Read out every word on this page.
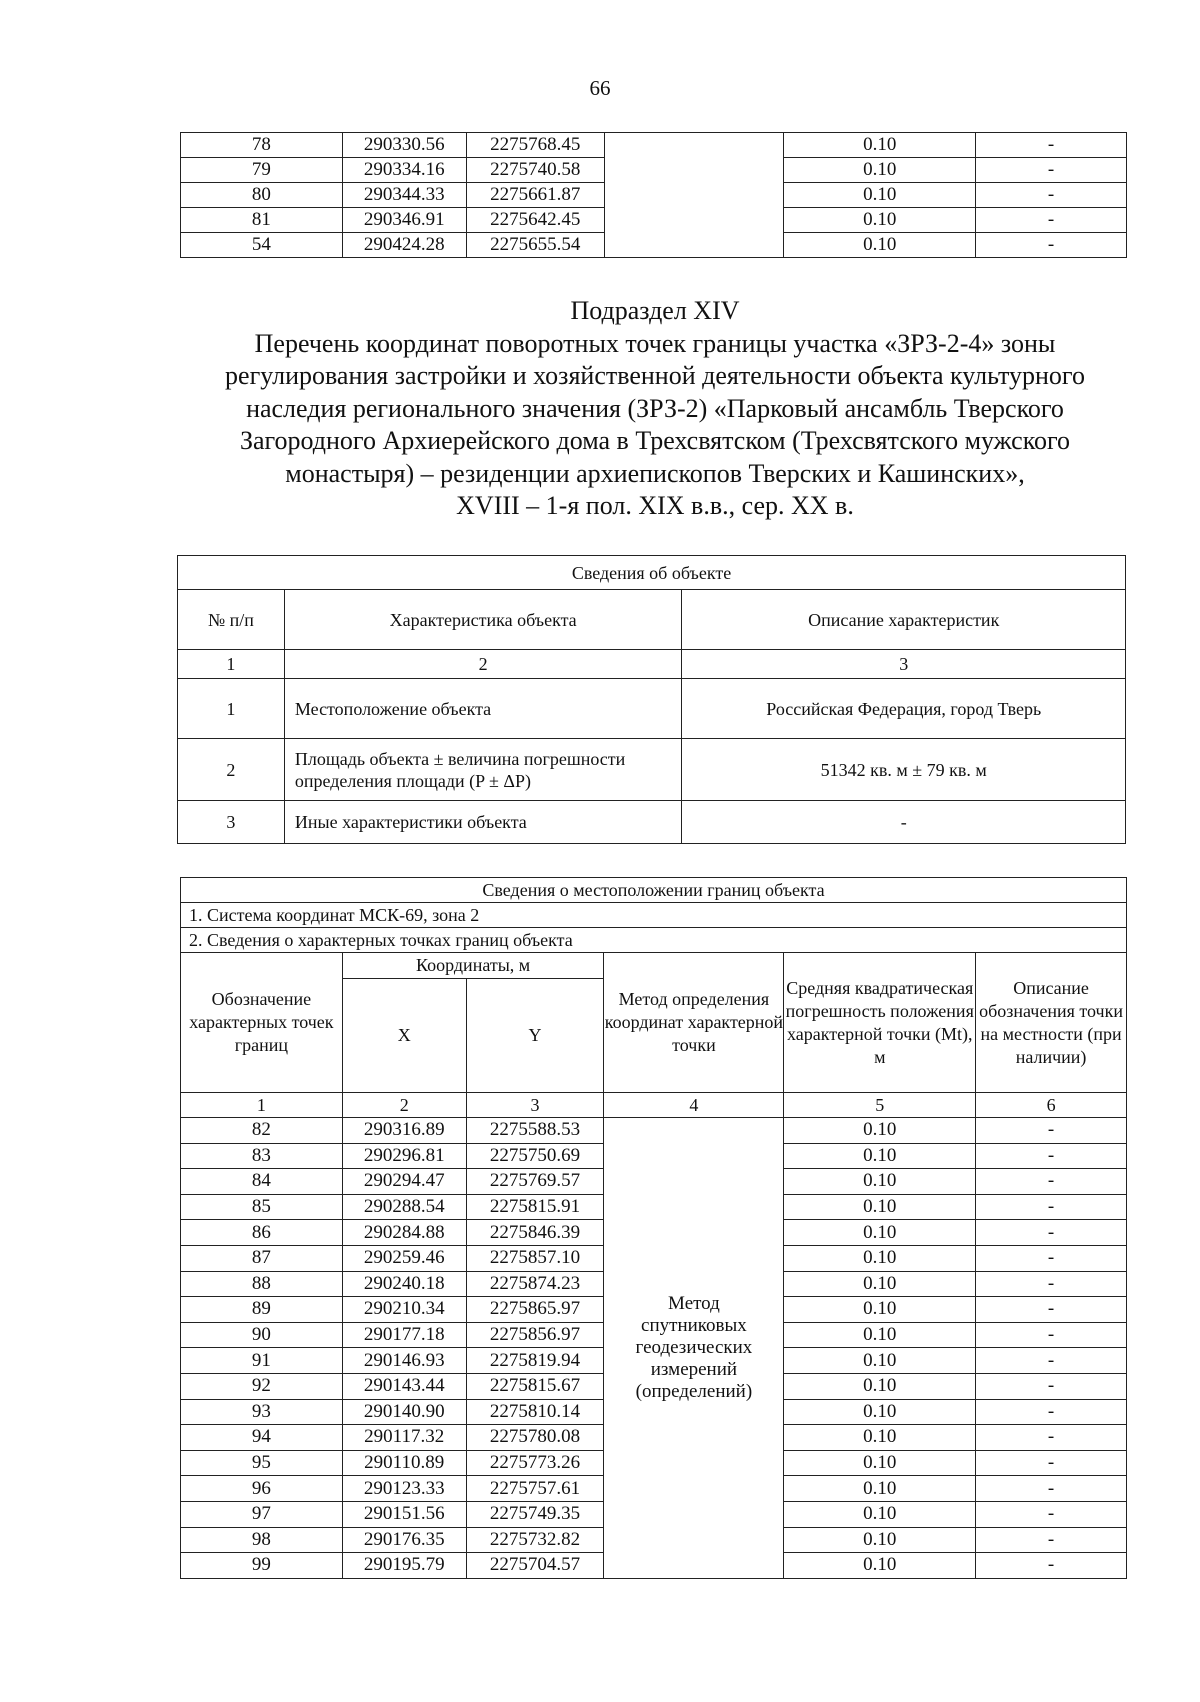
66
78	290330.56	2275768.45		0.10	-
79	290334.16	2275740.58		0.10	-
80	290344.33	2275661.87		0.10	-
81	290346.91	2275642.45		0.10	-
54	290424.28	2275655.54		0.10	-
Подраздел XIV
Перечень координат поворотных точек границы участка «ЗРЗ-2-4» зоны
регулирования застройки и хозяйственной деятельности объекта культурного
наследия регионального значения (ЗРЗ-2) «Парковый ансамбль Тверского
Загородного Архиерейского дома в Трехсвятском (Трехсвятского мужского
монастыря) – резиденции архиепископов Тверских и Кашинских»,
XVIII – 1-я пол. XIX в.в., сер. XX в.
Сведения об объекте		
№ п/п	Характеристика объекта	Описание характеристик
1	2	3
1	Местоположение объекта	Российская Федерация, город Тверь
2	Площадь объекта ± величина погрешности определения площади (P ± ΔP)	51342 кв. м ± 79 кв. м
3	Иные характеристики объекта	-
Сведения о местоположении границ объекта					
1. Система координат МСК-69, зона 2					
2. Сведения о характерных точках границ объекта					
Обозначение характерных точек границ	Координаты, м		Метод определения координат характерной точки	Средняя квадратическая погрешность положения характерной точки (Mt), м	Описание обозначения точки на местности (при наличии)
	X	Y			
1	2	3	4	5	6
82	290316.89	2275588.53	Метод спутниковых геодезических измерений (определений)	0.10	-
83	290296.81	2275750.69		0.10	-
84	290294.47	2275769.57		0.10	-
85	290288.54	2275815.91		0.10	-
86	290284.88	2275846.39		0.10	-
87	290259.46	2275857.10		0.10	-
88	290240.18	2275874.23		0.10	-
89	290210.34	2275865.97		0.10	-
90	290177.18	2275856.97		0.10	-
91	290146.93	2275819.94		0.10	-
92	290143.44	2275815.67		0.10	-
93	290140.90	2275810.14		0.10	-
94	290117.32	2275780.08		0.10	-
95	290110.89	2275773.26		0.10	-
96	290123.33	2275757.61		0.10	-
97	290151.56	2275749.35		0.10	-
98	290176.35	2275732.82		0.10	-
99	290195.79	2275704.57		0.10	-
